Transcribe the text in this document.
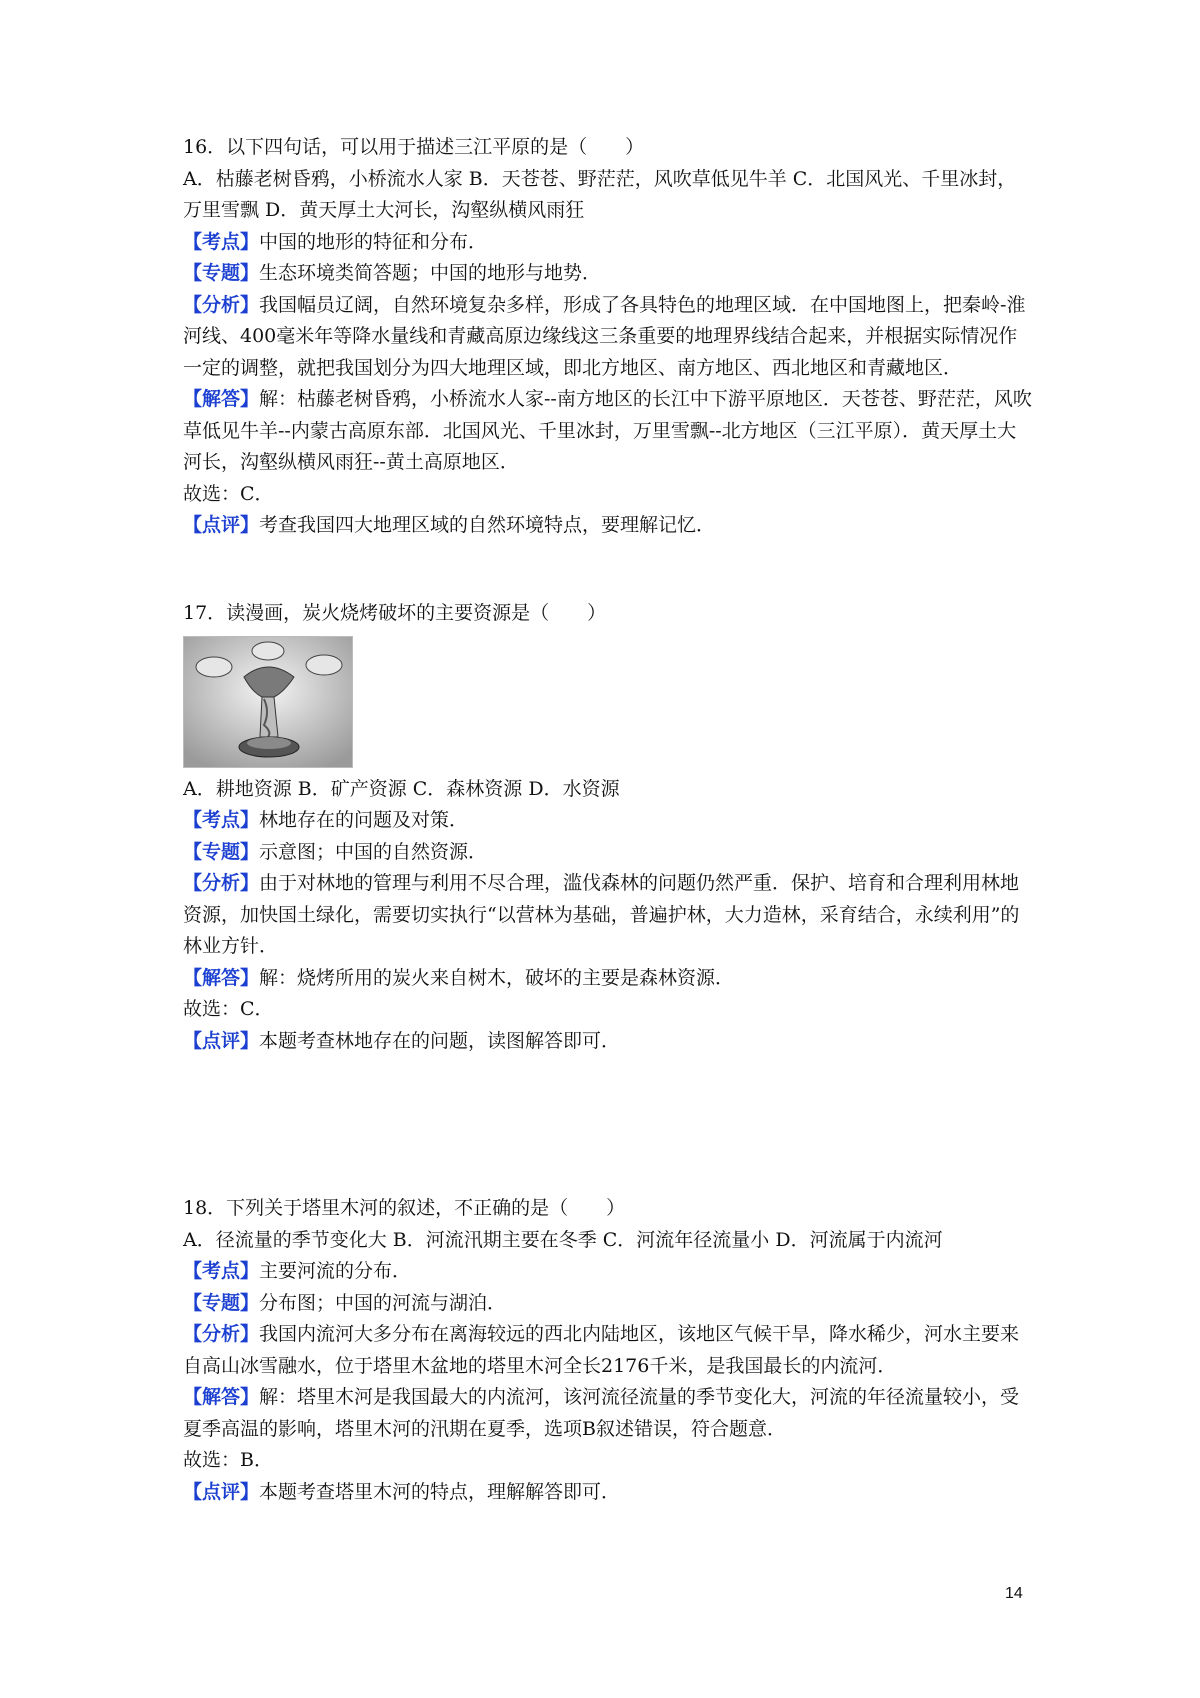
16．以下四句话，可以用于描述三江平原的是（　　）

A．枯藤老树昏鸦，小桥流水人家 B．天苍苍、野茫茫，风吹草低见牛羊 C．北国风光、千里冰封，万里雪飘 D．黄天厚土大河长，沟壑纵横风雨狂

【考点】中国的地形的特征和分布．

【专题】生态环境类简答题；中国的地形与地势．

【分析】我国幅员辽阔，自然环境复杂多样，形成了各具特色的地理区域．在中国地图上，把秦岭-淮河线、400毫米年等降水量线和青藏高原边缘线这三条重要的地理界线结合起来，并根据实际情况作一定的调整，就把我国划分为四大地理区域，即北方地区、南方地区、西北地区和青藏地区．

【解答】解：枯藤老树昏鸦，小桥流水人家--南方地区的长江中下游平原地区．天苍苍、野茫茫，风吹草低见牛羊--内蒙古高原东部．北国风光、千里冰封，万里雪飘--北方地区（三江平原）．黄天厚土大河长，沟壑纵横风雨狂--黄土高原地区．

故选：C．

【点评】考查我国四大地理区域的自然环境特点，要理解记忆．

17．读漫画，炭火烧烤破坏的主要资源是（　　）

A．耕地资源 B．矿产资源 C．森林资源 D．水资源

【考点】林地存在的问题及对策．

【专题】示意图；中国的自然资源．

【分析】由于对林地的管理与利用不尽合理，滥伐森林的问题仍然严重．保护、培育和合理利用林地资源，加快国土绿化，需要切实执行“以营林为基础，普遍护林，大力造林，采育结合，永续利用”的林业方针．

【解答】解：烧烤所用的炭火来自树木，破坏的主要是森林资源．

故选：C．

【点评】本题考查林地存在的问题，读图解答即可．

18．下列关于塔里木河的叙述，不正确的是（　　）

A．径流量的季节变化大 B．河流汛期主要在冬季 C．河流年径流量小 D．河流属于内流河

【考点】主要河流的分布．

【专题】分布图；中国的河流与湖泊．

【分析】我国内流河大多分布在离海较远的西北内陆地区，该地区气候干旱，降水稀少，河水主要来自高山冰雪融水，位于塔里木盆地的塔里木河全长2176千米，是我国最长的内流河．

【解答】解：塔里木河是我国最大的内流河，该河流径流量的季节变化大，河流的年径流量较小，受夏季高温的影响，塔里木河的汛期在夏季，选项B叙述错误，符合题意．

故选：B．

【点评】本题考查塔里木河的特点，理解解答即可．

14
